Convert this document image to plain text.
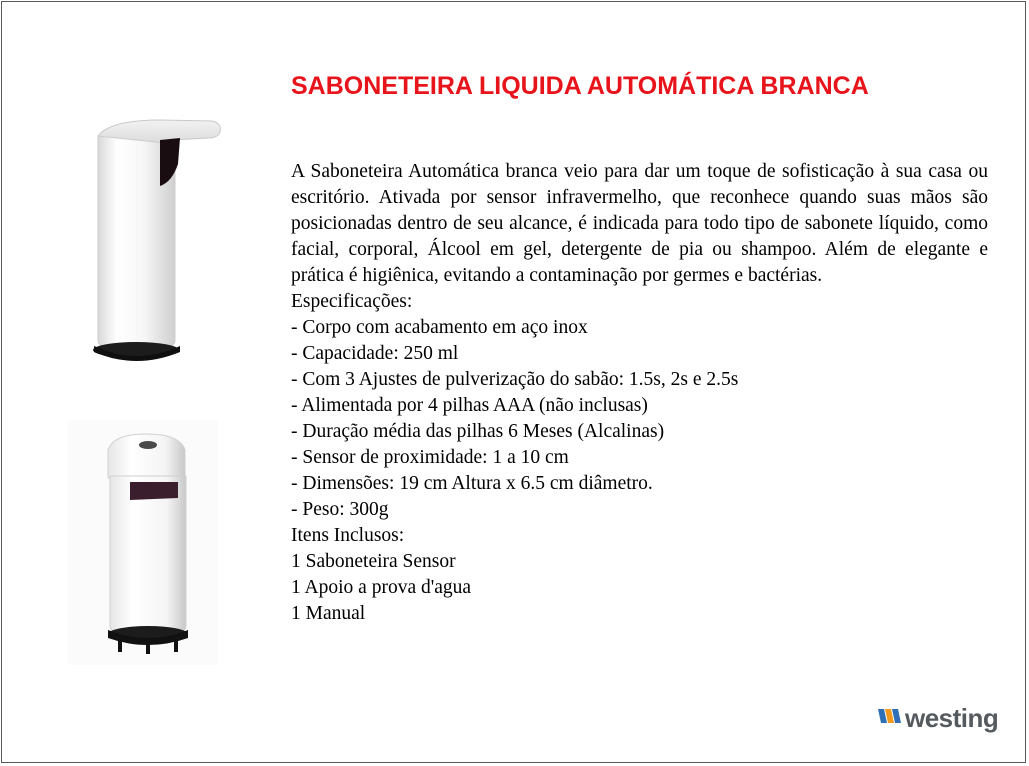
SABONETEIRA LIQUIDA AUTOMÁTICA BRANCA

A Saboneteira Automática branca veio para dar um toque de sofisticação à sua casa ou escritório. Ativada por sensor infravermelho, que reconhece quando suas mãos são posicionadas dentro de seu alcance, é indicada para todo tipo de sabonete líquido, como facial, corporal, Álcool em gel, detergente de pia ou shampoo. Além de elegante e prática é higiênica, evitando a contaminação por germes e bactérias.

Especificações:

- Corpo com acabamento em aço inox

- Capacidade: 250 ml

- Com 3 Ajustes de pulverização do sabão: 1.5s, 2s e 2.5s

- Alimentada por 4 pilhas AAA (não inclusas)

- Duração média das pilhas 6 Meses (Alcalinas)

- Sensor de proximidade: 1 a 10 cm

- Dimensões: 19 cm Altura x 6.5 cm diâmetro.

- Peso: 300g

Itens Inclusos:

1 Saboneteira Sensor

1 Apoio a prova d'agua

1 Manual

westing
